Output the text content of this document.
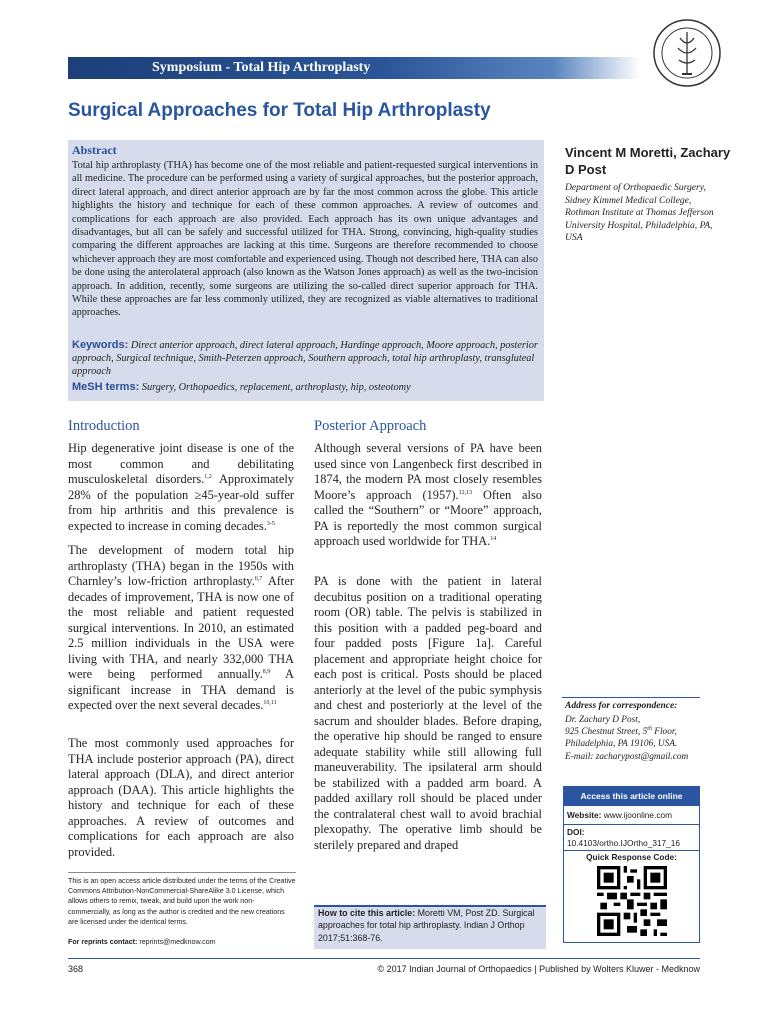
Symposium - Total Hip Arthroplasty
Surgical Approaches for Total Hip Arthroplasty
Abstract
Total hip arthroplasty (THA) has become one of the most reliable and patient-requested surgical interventions in all medicine. The procedure can be performed using a variety of surgical approaches, but the posterior approach, direct lateral approach, and direct anterior approach are by far the most common across the globe. This article highlights the history and technique for each of these common approaches. A review of outcomes and complications for each approach are also provided. Each approach has its own unique advantages and disadvantages, but all can be safely and successful utilized for THA. Strong, convincing, high-quality studies comparing the different approaches are lacking at this time. Surgeons are therefore recommended to choose whichever approach they are most comfortable and experienced using. Though not described here, THA can also be done using the anterolateral approach (also known as the Watson Jones approach) as well as the two-incision approach. In addition, recently, some surgeons are utilizing the so-called direct superior approach for THA. While these approaches are far less commonly utilized, they are recognized as viable alternatives to traditional approaches.
Keywords: Direct anterior approach, direct lateral approach, Hardinge approach, Moore approach, posterior approach, Surgical technique, Smith-Peterzen approach, Southern approach, total hip arthroplasty, transgluteal approach
MeSH terms: Surgery, Orthopaedics, replacement, arthroplasty, hip, osteotomy
Vincent M Moretti, Zachary D Post
Department of Orthopaedic Surgery, Sidney Kimmel Medical College, Rothman Institute at Thomas Jefferson University Hospital, Philadelphia, PA, USA
Introduction
Hip degenerative joint disease is one of the most common and debilitating musculoskeletal disorders.$^{1,2}$ Approximately 28% of the population ≥45-year-old suffer from hip arthritis and this prevalence is expected to increase in coming decades.$^{3-5}$
The development of modern total hip arthroplasty (THA) began in the 1950s with Charnley’s low-friction arthroplasty.$^{6,7}$ After decades of improvement, THA is now one of the most reliable and patient requested surgical interventions. In 2010, an estimated 2.5 million individuals in the USA were living with THA, and nearly 332,000 THA were being performed annually.$^{8,9}$ A significant increase in THA demand is expected over the next several decades.$^{10,11}$
The most commonly used approaches for THA include posterior approach (PA), direct lateral approach (DLA), and direct anterior approach (DAA). This article highlights the history and technique for each of these approaches. A review of outcomes and complications for each approach are also provided.
Posterior Approach
Although several versions of PA have been used since von Langenbeck first described in 1874, the modern PA most closely resembles Moore’s approach (1957).$^{12,13}$ Often also called the “Southern” or “Moore” approach, PA is reportedly the most common surgical approach used worldwide for THA.$^{14}$
PA is done with the patient in lateral decubitus position on a traditional operating room (OR) table. The pelvis is stabilized in this position with a padded peg-board and four padded posts [Figure 1a]. Careful placement and appropriate height choice for each post is critical. Posts should be placed anteriorly at the level of the pubic symphysis and chest and posteriorly at the level of the sacrum and shoulder blades. Before draping, the operative hip should be ranged to ensure adequate stability while still allowing full maneuverability. The ipsilateral arm should be stabilized with a padded arm board. A padded axillary roll should be placed under the contralateral chest wall to avoid brachial plexopathy. The operative limb should be sterilely prepared and draped
Address for correspondence:
Dr. Zachary D Post,
925 Chestnut Street, 5th Floor,
Philadelphia, PA 19106, USA.
E-mail: zacharypost@gmail.com
Access this article online
Website: www.ijoonline.com
DOI:
10.4103/ortho.IJOrtho_317_16
Quick Response Code:
This is an open access article distributed under the terms of the Creative Commons Attribution-NonCommercial-ShareAlike 3.0 License, which allows others to remix, tweak, and build upon the work non-commercially, as long as the author is credited and the new creations are licensed under the identical terms.
For reprints contact: reprints@medknow.com
How to cite this article: Moretti VM, Post ZD. Surgical approaches for total hip arthroplasty. Indian J Orthop 2017;51:368-76.
368	© 2017 Indian Journal of Orthopaedics | Published by Wolters Kluwer - Medknow
